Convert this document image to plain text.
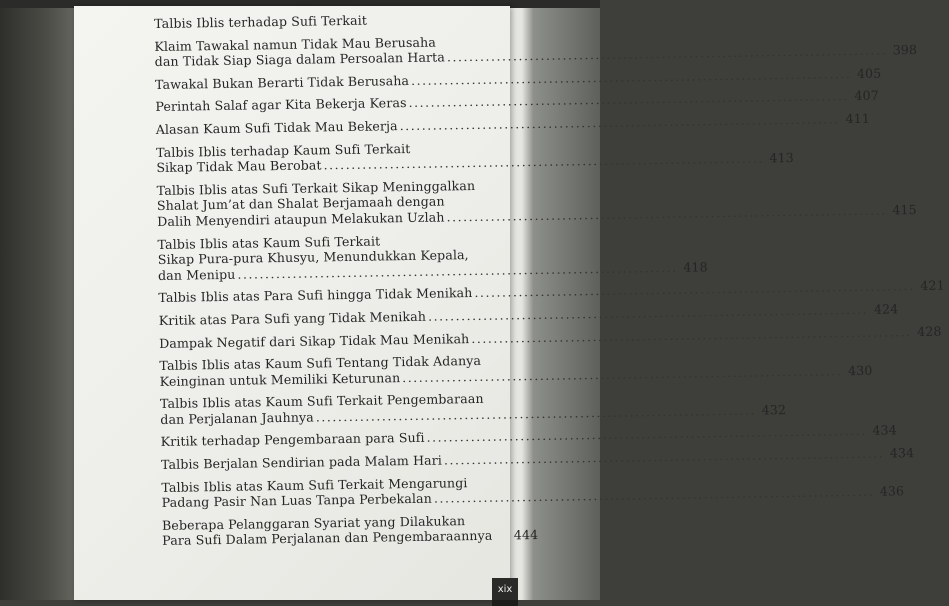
Talbis Iblis terhadap Sufi Terkait
Klaim Tawakal namun Tidak Mau Berusaha
dan Tidak Siap Siaga dalam Persoalan Harta ................................................................................ 398
Tawakal Bukan Berarti Tidak Berusaha ................................................................................ 405
Perintah Salaf agar Kita Bekerja Keras ................................................................................ 407
Alasan Kaum Sufi Tidak Mau Bekerja ................................................................................ 411
Talbis Iblis terhadap Kaum Sufi Terkait
Sikap Tidak Mau Berobat ................................................................................ 413
Talbis Iblis atas Sufi Terkait Sikap Meninggalkan
Shalat Jum’at dan Shalat Berjamaah dengan
Dalih Menyendiri ataupun Melakukan Uzlah ................................................................................ 415
Talbis Iblis atas Kaum Sufi Terkait
Sikap Pura-pura Khusyu, Menundukkan Kepala,
dan Menipu ................................................................................ 418
Talbis Iblis atas Para Sufi hingga Tidak Menikah ................................................................................ 421
Kritik atas Para Sufi yang Tidak Menikah ................................................................................ 424
Dampak Negatif dari Sikap Tidak Mau Menikah ................................................................................ 428
Talbis Iblis atas Kaum Sufi Tentang Tidak Adanya
Keinginan untuk Memiliki Keturunan ................................................................................ 430
Talbis Iblis atas Kaum Sufi Terkait Pengembaraan
dan Perjalanan Jauhnya ................................................................................ 432
Kritik terhadap Pengembaraan para Sufi ................................................................................ 434
Talbis Berjalan Sendirian pada Malam Hari ................................................................................ 434
Talbis Iblis atas Kaum Sufi Terkait Mengarungi
Padang Pasir Nan Luas Tanpa Perbekalan ................................................................................ 436
Beberapa Pelanggaran Syariat yang Dilakukan
Para Sufi Dalam Perjalanan dan Pengembaraannya 444
xix
